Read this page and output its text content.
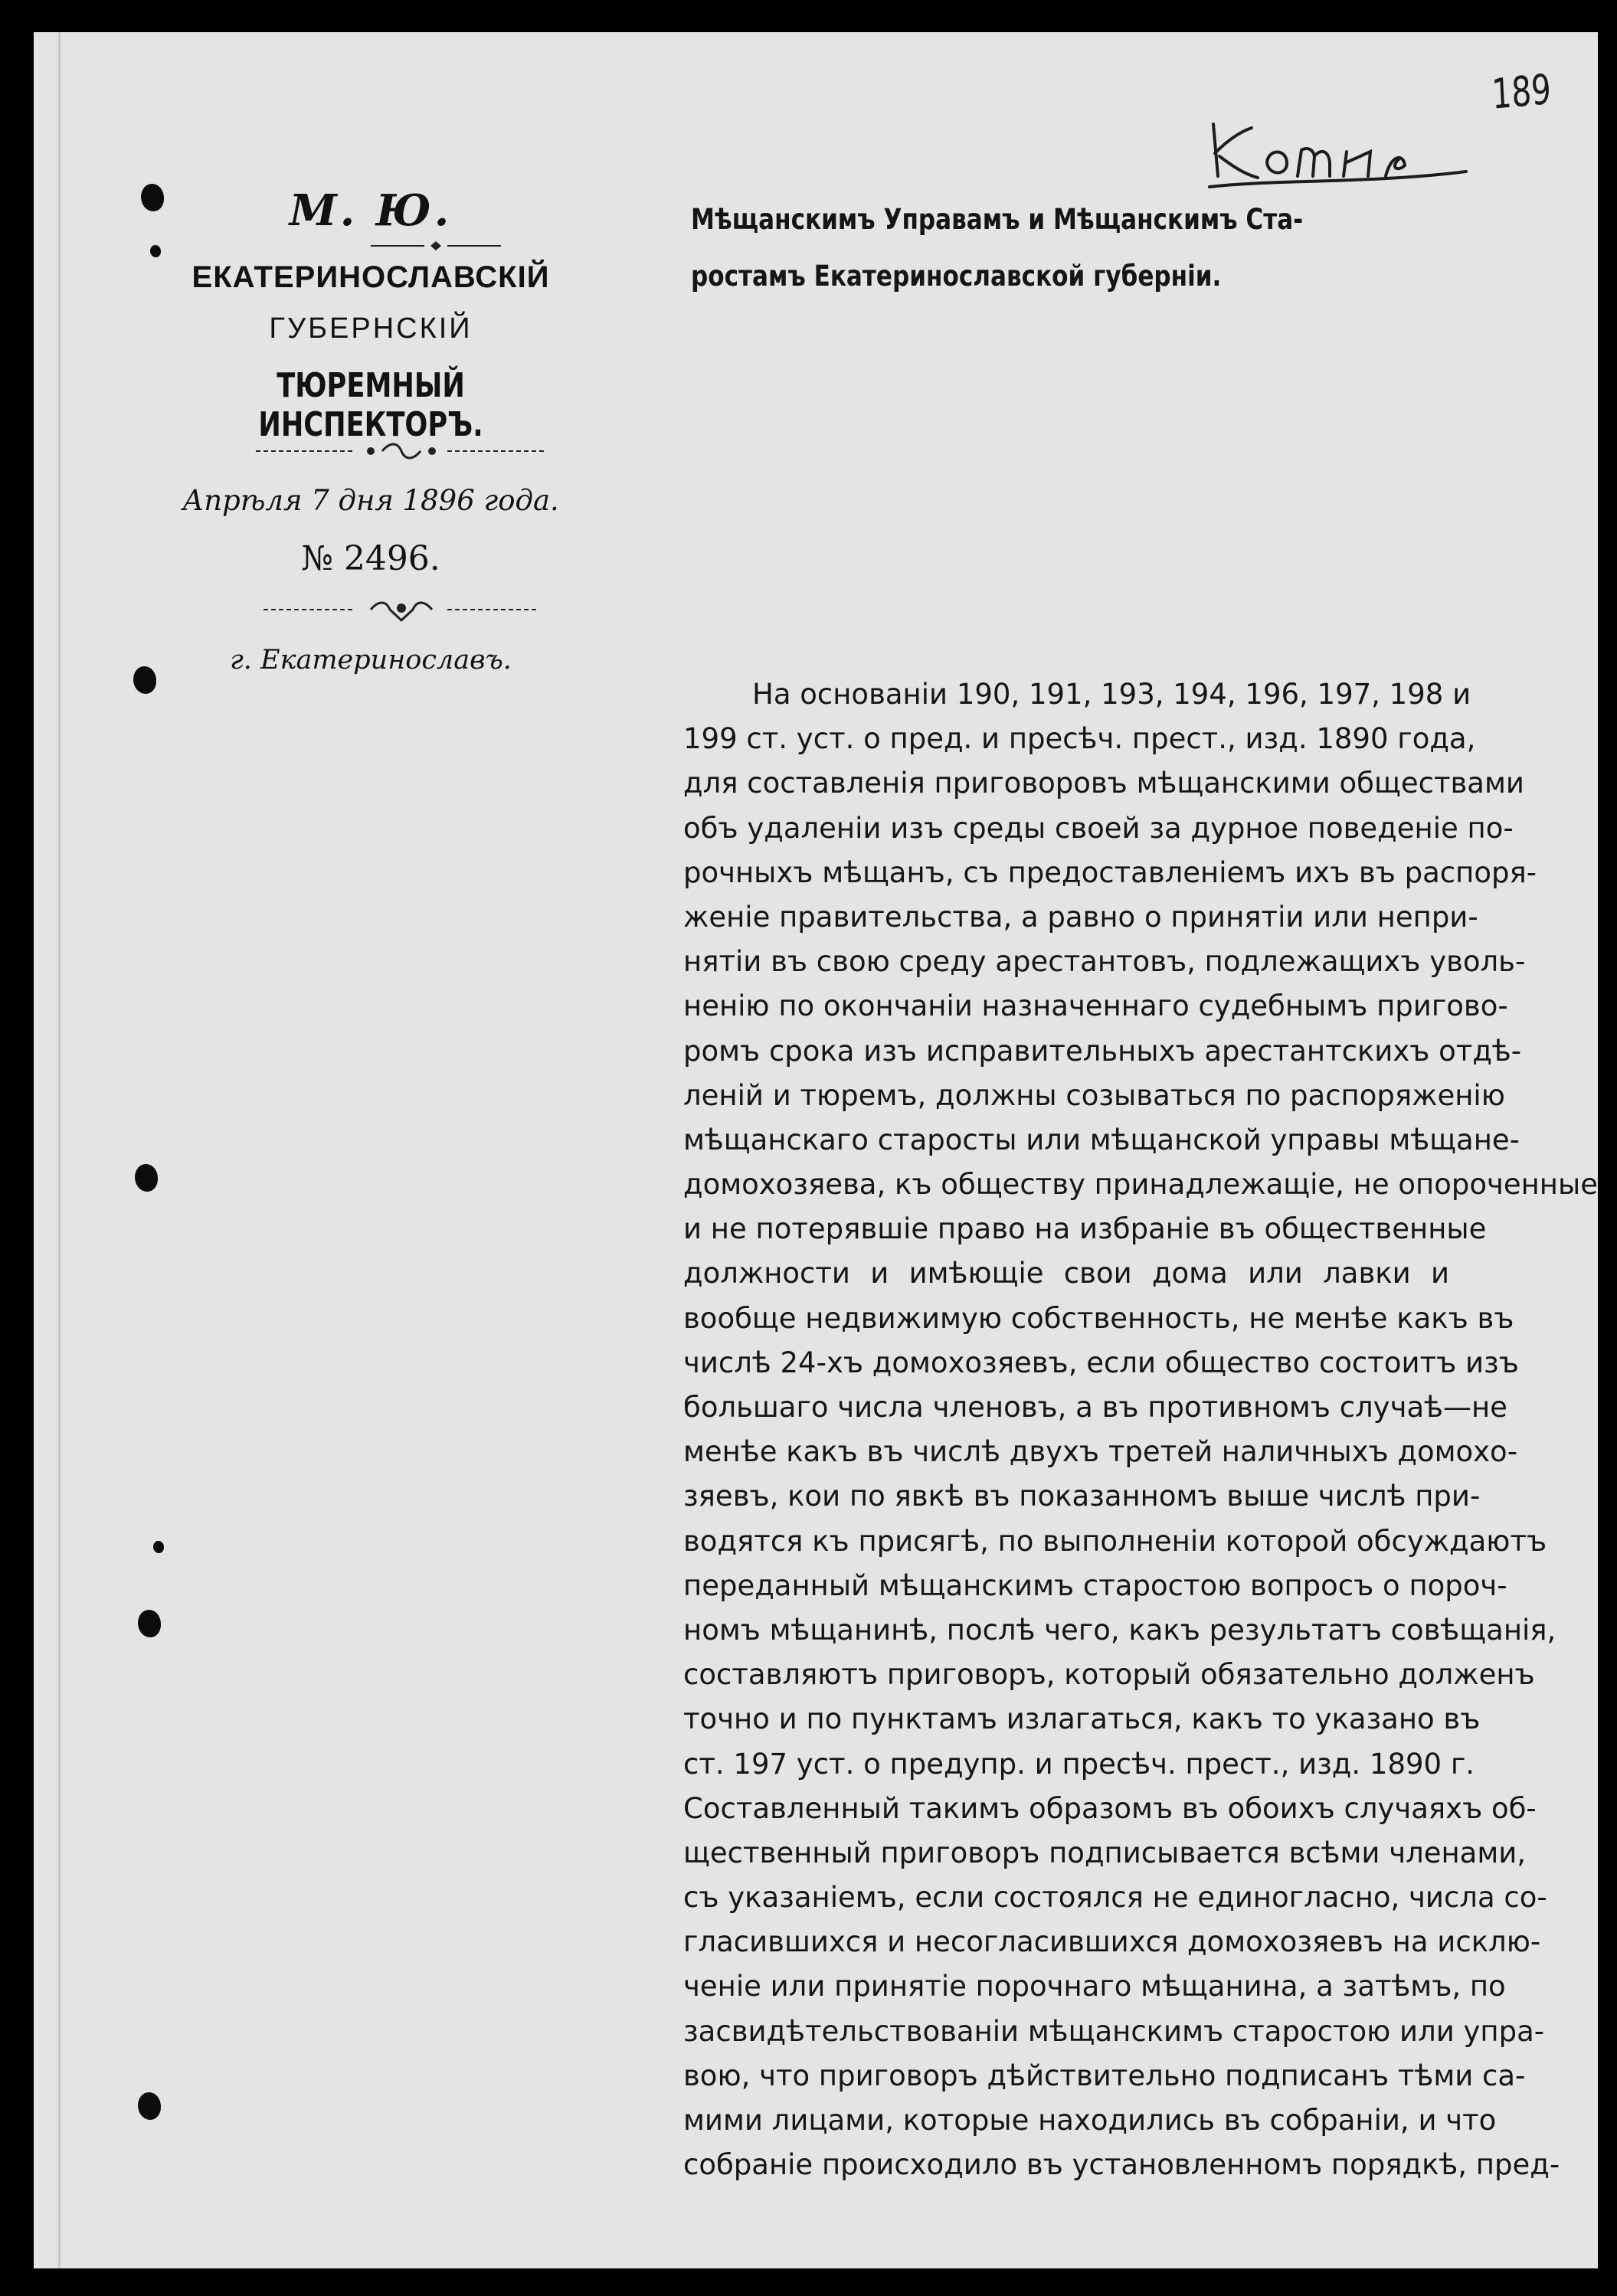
М. Ю.
ЕКАТЕРИНОСЛАВСКІЙ
ГУБЕРНСКІЙ
ТЮРЕМНЫЙ ИНСПЕКТОРЪ.
Апрѣля 7 дня 1896 года.
№ 2496.
г. Екатеринославъ.
189
Мѣщанскимъ Управамъ и Мѣщанскимъ Ста-
ростамъ Екатеринославской губерніи.
На основаніи 190, 191, 193, 194, 196, 197, 198 и
199 ст. уст. о пред. и пресѣч. прест., изд. 1890 года,
для составленія приговоровъ мѣщанскими обществами
объ удаленіи изъ среды своей за дурное поведеніе по-
рочныхъ мѣщанъ, съ предоставленіемъ ихъ въ распоря-
женіе правительства, а равно о принятіи или непри-
нятіи въ свою среду арестантовъ, подлежащихъ уволь-
ненію по окончаніи назначеннаго судебнымъ пригово-
ромъ срока изъ исправительныхъ арестантскихъ отдѣ-
леній и тюремъ, должны созываться по распоряженію
мѣщанскаго старосты или мѣщанской управы мѣщане-
домохозяева, къ обществу принадлежащіе, не опороченные
и не потерявшіе право на избраніе въ общественные
должности и имѣющіе свои дома или лавки и
вообще недвижимую собственность, не менѣе какъ въ
числѣ 24-хъ домохозяевъ, если общество состоитъ изъ
большаго числа членовъ, а въ противномъ случаѣ—не
менѣе какъ въ числѣ двухъ третей наличныхъ домохо-
зяевъ, кои по явкѣ въ показанномъ выше числѣ при-
водятся къ присягѣ, по выполненіи которой обсуждаютъ
переданный мѣщанскимъ старостою вопросъ о пороч-
номъ мѣщанинѣ, послѣ чего, какъ результатъ совѣщанія,
составляютъ приговоръ, который обязательно долженъ
точно и по пунктамъ излагаться, какъ то указано въ
ст. 197 уст. о предупр. и пресѣч. прест., изд. 1890 г.
Составленный такимъ образомъ въ обоихъ случаяхъ об-
щественный приговоръ подписывается всѣми членами,
съ указаніемъ, если состоялся не единогласно, числа со-
гласившихся и несогласившихся домохозяевъ на исклю-
ченіе или принятіе порочнаго мѣщанина, а затѣмъ, по
засвидѣтельствованіи мѣщанскимъ старостою или упра-
вою, что приговоръ дѣйствительно подписанъ тѣми са-
мими лицами, которые находились въ собраніи, и что
собраніе происходило въ установленномъ порядкѣ, пред-
